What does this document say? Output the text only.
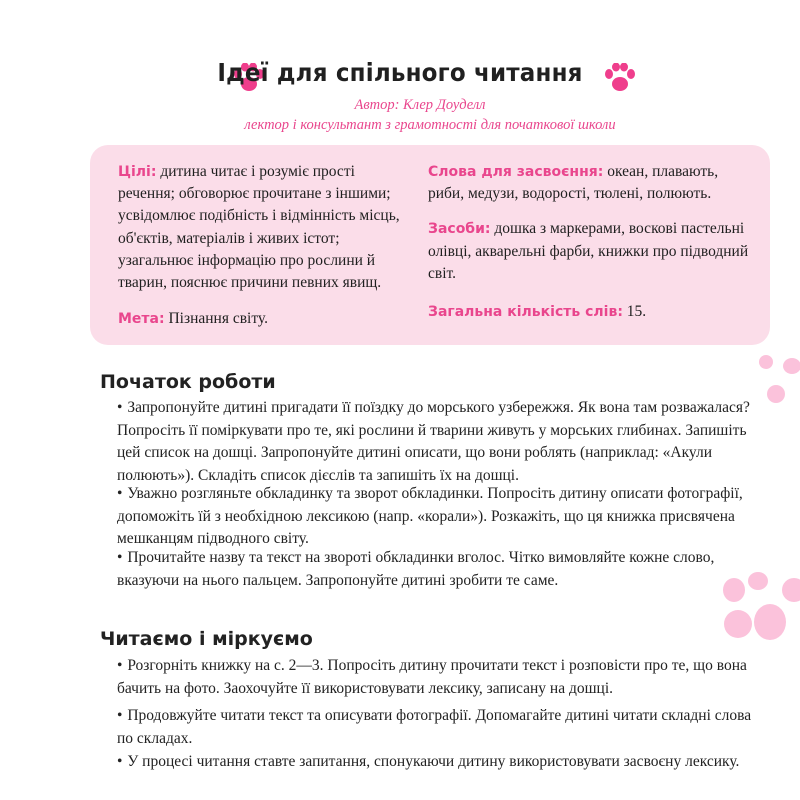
Ідеї для спільного читання
Автор: Клер Доуделл
лектор і консультант з грамотності для початкової школи

Цілі: дитина читає і розуміє прості речення; обговорює прочитане з іншими; усвідомлює подібність і відмінність місць, об'єктів, матеріалів і живих істот; узагальнює інформацію про рослини й тварин, пояснює причини певних явищ.

Мета: Пізнання світу.

Слова для засвоєння: океан, плавають, риби, медузи, водорості, тюлені, полюють.

Засоби: дошка з маркерами, воскові пастельні олівці, акварельні фарби, книжки про підводний світ.

Загальна кількість слів: 15.

Початок роботи

• Запропонуйте дитині пригадати її поїздку до морського узбережжя. Як вона там розважалася? Попросіть її поміркувати про те, які рослини й тварини живуть у морських глибинах. Запишіть цей список на дошці. Запропонуйте дитині описати, що вони роблять (наприклад: «Акули полюють»). Складіть список дієслів та запишіть їх на дошці.

• Уважно розгляньте обкладинку та зворот обкладинки. Попросіть дитину описати фотографії, допоможіть їй з необхідною лексикою (напр. «корали»). Розкажіть, що ця книжка присвячена мешканцям підводного світу.

• Прочитайте назву та текст на звороті обкладинки вголос. Чітко вимовляйте кожне слово, вказуючи на нього пальцем. Запропонуйте дитині зробити те саме.

Читаємо і міркуємо

• Розгорніть книжку на с. 2—3. Попросіть дитину прочитати текст і розповісти про те, що вона бачить на фото. Заохочуйте її використовувати лексику, записану на дошці.

• Продовжуйте читати текст та описувати фотографії. Допомагайте дитині читати складні слова по складах.

• У процесі читання ставте запитання, спонукаючи дитину використовувати засвоєну лексику.
